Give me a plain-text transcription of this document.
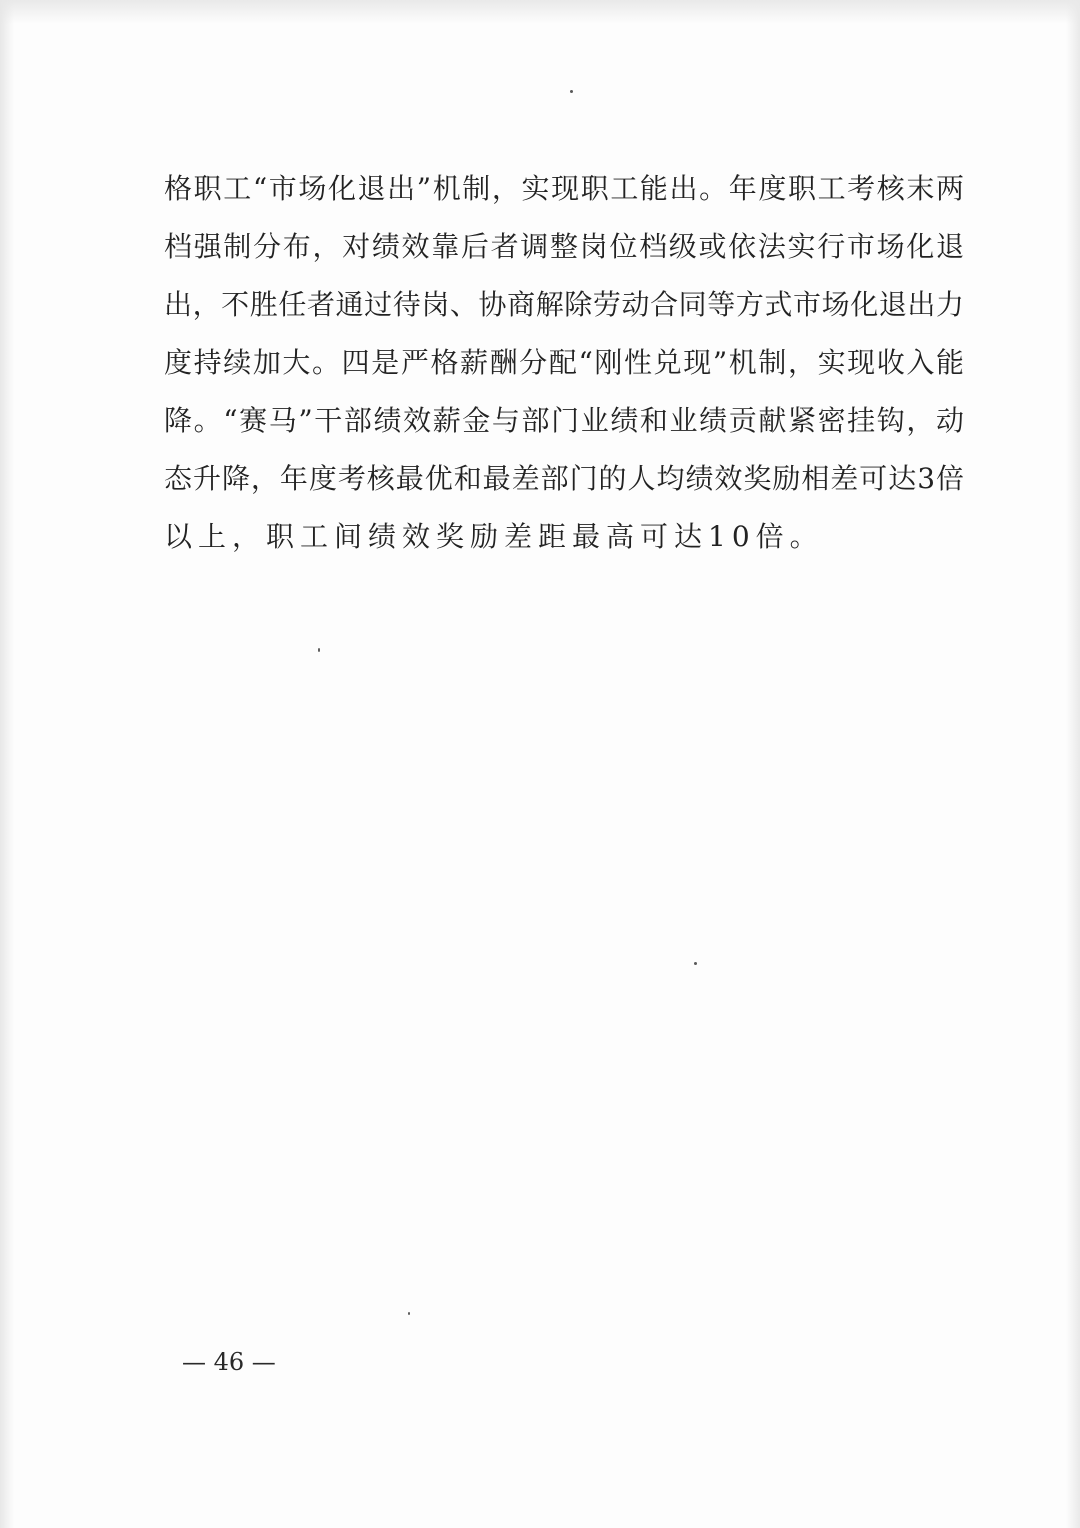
格职工“市场化退出”机制，实现职工能出。年度职工考核末两
档强制分布，对绩效靠后者调整岗位档级或依法实行市场化退
出，不胜任者通过待岗、协商解除劳动合同等方式市场化退出力
度持续加大。四是严格薪酬分配“刚性兑现”机制，实现收入能
降。“赛马”干部绩效薪金与部门业绩和业绩贡献紧密挂钩，动
态升降，年度考核最优和最差部门的人均绩效奖励相差可达3倍
以上，职工间绩效奖励差距最高可达10倍。
— 46 —
